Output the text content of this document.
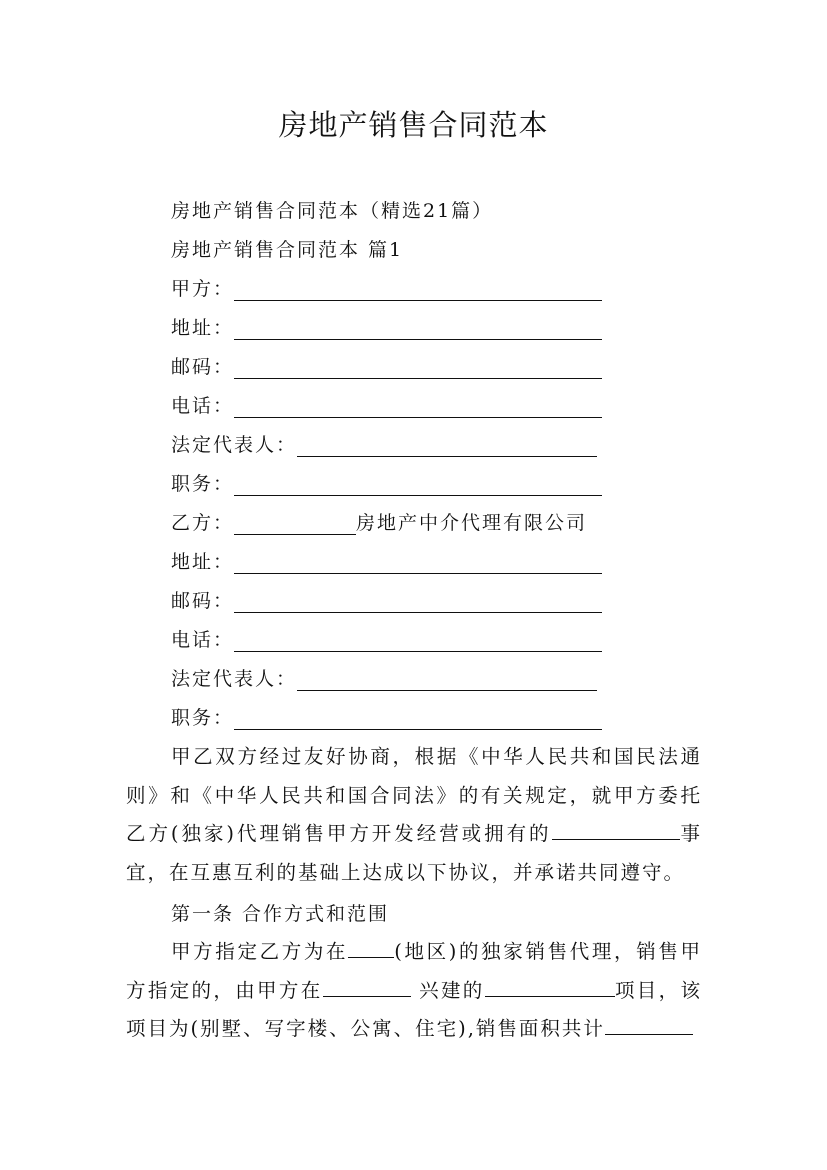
房地产销售合同范本
房地产销售合同范本（精选21篇）
房地产销售合同范本 篇1
甲方：
地址：
邮码：
电话：
法定代表人：
职务：
乙方：	房地产中介代理有限公司
地址：
邮码：
电话：
法定代表人：
职务：
甲乙双方经过友好协商，根据《中华人民共和国民法通则》和《中华人民共和国合同法》的有关规定，就甲方委托乙方(独家)代理销售甲方开发经营或拥有的	事宜，在互惠互利的基础上达成以下协议，并承诺共同遵守。
第一条 合作方式和范围
甲方指定乙方为在 (地区)的独家销售代理，销售甲方指定的，由甲方在	兴建的	项目，该项目为(别墅、写字楼、公寓、住宅),销售面积共计
